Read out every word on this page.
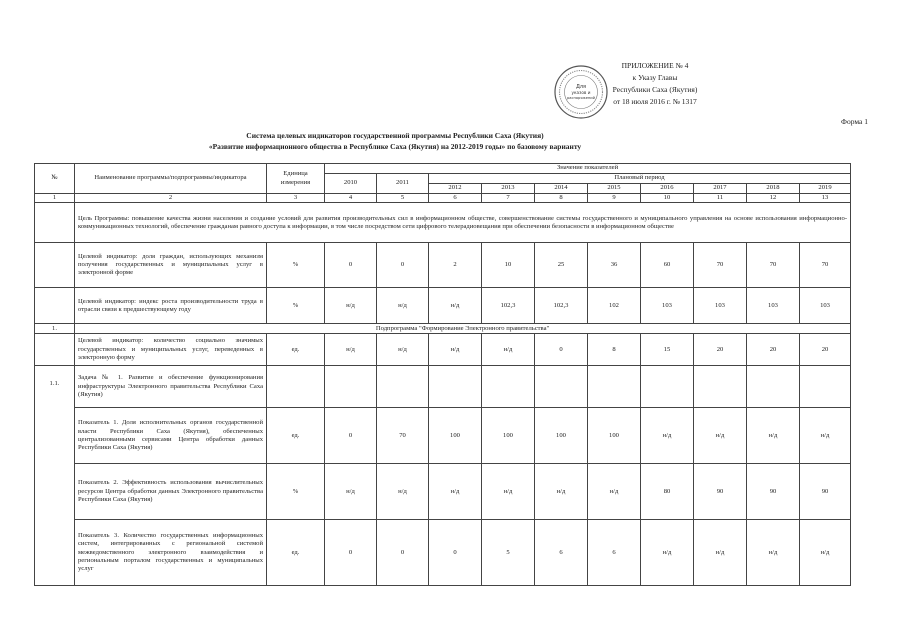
Для
указов и
распоряжений
ПРИЛОЖЕНИЕ № 4
к Указу Главы
Республики Саха (Якутия)
от 18 июля 2016 г. № 1317
Форма 1
Система целевых индикаторов государственной программы Республики Саха (Якутия)
«Развитие информационного общества в Республике Саха (Якутия) на 2012-2019 годы» по базовому варианту
№	Наименование программы/подпрограммы/индикатора	Единица измерения	Значение показателей									
			2010	2011	Плановый период							
					2012	2013	2014	2015	2016	2017	2018	2019
1	2	3	4	5	6	7	8	9	10	11	12	13
	Цель Программы: повышение качества жизни населения и создание условий для развития производительных сил в информационном обществе, совершенствование системы государственного и муниципального управления на основе использования информационно-коммуникационных технологий, обеспечение гражданам равного доступа к информации, в том числе посредством сети цифрового телерадиовещания при обеспечении безопасности в информационном обществе											
	Целевой индикатор: доля граждан, использующих механизм получения государственных и муниципальных услуг в электронной форме	%	0	0	2	10	25	36	60	70	70	70
	Целевой индикатор: индекс роста производительности труда в отрасли связи к предшествующему году	%	н/д	н/д	н/д	102,3	102,3	102	103	103	103	103
1.	Подпрограмма "Формирование Электронного правительства"											
	Целевой индикатор: количество социально значимых государственных и муниципальных услуг, переведенных в электронную форму	ед.	н/д	н/д	н/д	н/д	0	8	15	20	20	20
1.1.	Задача № 1. Развитие и обеспечение функционирования инфраструктуры Электронного правительства Республики Саха (Якутия)											
	Показатель 1. Доля исполнительных органов государственной власти Республики Саха (Якутия), обеспеченных централизованными сервисами Центра обработки данных Республики Саха (Якутия)	ед.	0	70	100	100	100	100	н/д	н/д	н/д	н/д
	Показатель 2. Эффективность использования вычислительных ресурсов Центра обработки данных Электронного правительства Республики Саха (Якутия)	%	н/д	н/д	н/д	н/д	н/д	н/д	80	90	90	90
	Показатель 3. Количество государственных информационных систем, интегрированных с региональной системой межведомственного электронного взаимодействия и региональным порталом государственных и муниципальных услуг	ед.	0	0	0	5	6	6	н/д	н/д	н/д	н/д
